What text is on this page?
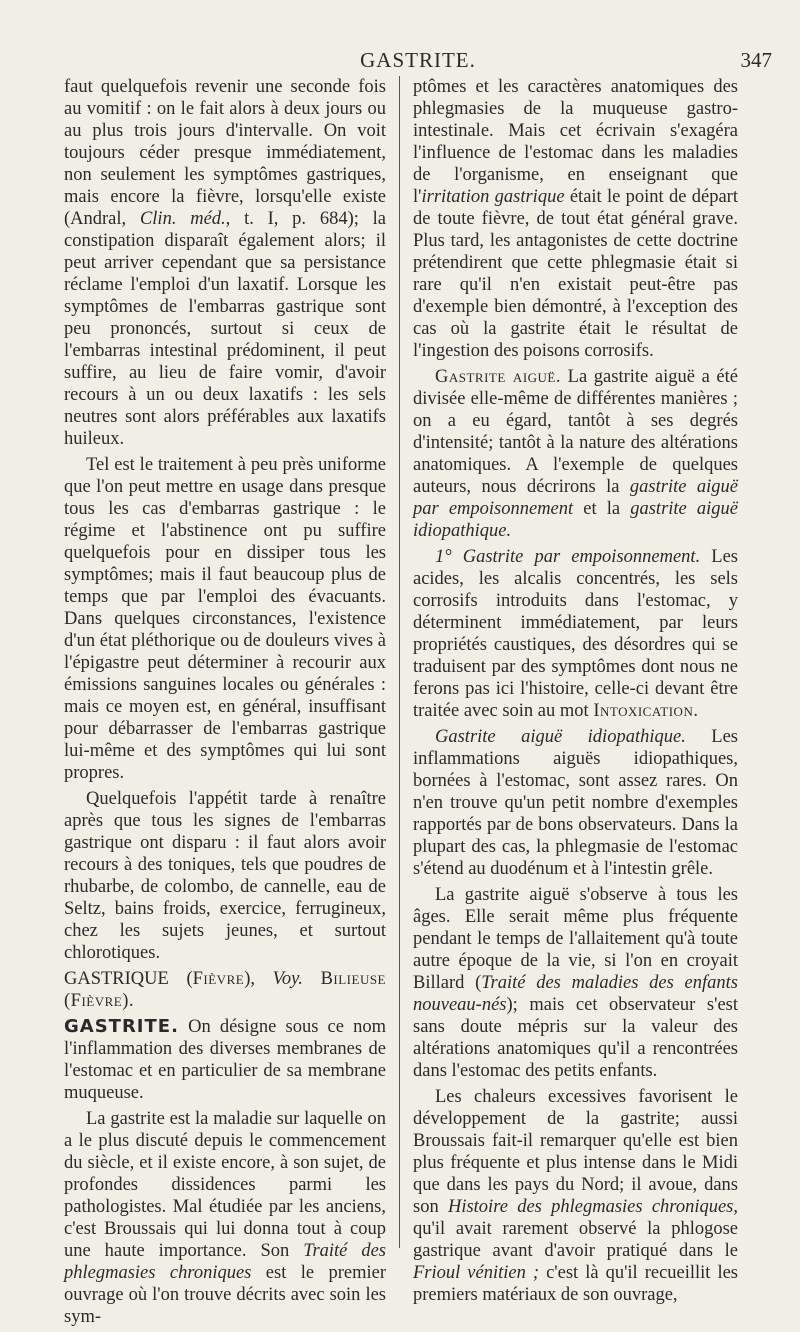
GASTRITE.	347

faut quelquefois revenir une seconde fois au vomitif : on le fait alors à deux jours ou au plus trois jours d'intervalle. On voit toujours céder presque immédiatement, non seulement les symptômes gastriques, mais encore la fièvre, lorsqu'elle existe (Andral, Clin. méd., t. I, p. 684); la constipation disparaît également alors; il peut arriver cependant que sa persistance réclame l'emploi d'un laxatif. Lorsque les symptômes de l'embarras gastrique sont peu prononcés, surtout si ceux de l'embarras intestinal prédominent, il peut suffire, au lieu de faire vomir, d'avoir recours à un ou deux laxatifs : les sels neutres sont alors préférables aux laxatifs huileux.

Tel est le traitement à peu près uniforme que l'on peut mettre en usage dans presque tous les cas d'embarras gastrique : le régime et l'abstinence ont pu suffire quelquefois pour en dissiper tous les symptômes; mais il faut beaucoup plus de temps que par l'emploi des évacuants. Dans quelques circonstances, l'existence d'un état pléthorique ou de douleurs vives à l'épigastre peut déterminer à recourir aux émissions sanguines locales ou générales : mais ce moyen est, en général, insuffisant pour débarrasser de l'embarras gastrique lui-même et des symptômes qui lui sont propres.

Quelquefois l'appétit tarde à renaître après que tous les signes de l'embarras gastrique ont disparu : il faut alors avoir recours à des toniques, tels que poudres de rhubarbe, de colombo, de cannelle, eau de Seltz, bains froids, exercice, ferrugineux, chez les sujets jeunes, et surtout chlorotiques.

GASTRIQUE (Fièvre), Voy. Bilieuse (Fièvre).

GASTRITE. On désigne sous ce nom l'inflammation des diverses membranes de l'estomac et en particulier de sa membrane muqueuse.

La gastrite est la maladie sur laquelle on a le plus discuté depuis le commencement du siècle, et il existe encore, à son sujet, de profondes dissidences parmi les pathologistes. Mal étudiée par les anciens, c'est Broussais qui lui donna tout à coup une haute importance. Son Traité des phlegmasies chroniques est le premier ouvrage où l'on trouve décrits avec soin les sym-

ptômes et les caractères anatomiques des phlegmasies de la muqueuse gastro-intestinale. Mais cet écrivain s'exagéra l'influence de l'estomac dans les maladies de l'organisme, en enseignant que l'irritation gastrique était le point de départ de toute fièvre, de tout état général grave. Plus tard, les antagonistes de cette doctrine prétendirent que cette phlegmasie était si rare qu'il n'en existait peut-être pas d'exemple bien démontré, à l'exception des cas où la gastrite était le résultat de l'ingestion des poisons corrosifs.

Gastrite aiguë. La gastrite aiguë a été divisée elle-même de différentes manières ; on a eu égard, tantôt à ses degrés d'intensité; tantôt à la nature des altérations anatomiques. A l'exemple de quelques auteurs, nous décrirons la gastrite aiguë par empoisonnement et la gastrite aiguë idiopathique.

1° Gastrite par empoisonnement. Les acides, les alcalis concentrés, les sels corrosifs introduits dans l'estomac, y déterminent immédiatement, par leurs propriétés caustiques, des désordres qui se traduisent par des symptômes dont nous ne ferons pas ici l'histoire, celle-ci devant être traitée avec soin au mot Intoxication.

Gastrite aiguë idiopathique. Les inflammations aiguës idiopathiques, bornées à l'estomac, sont assez rares. On n'en trouve qu'un petit nombre d'exemples rapportés par de bons observateurs. Dans la plupart des cas, la phlegmasie de l'estomac s'étend au duodénum et à l'intestin grêle.

La gastrite aiguë s'observe à tous les âges. Elle serait même plus fréquente pendant le temps de l'allaitement qu'à toute autre époque de la vie, si l'on en croyait Billard (Traité des maladies des enfants nouveau-nés); mais cet observateur s'est sans doute mépris sur la valeur des altérations anatomiques qu'il a rencontrées dans l'estomac des petits enfants.

Les chaleurs excessives favorisent le développement de la gastrite; aussi Broussais fait-il remarquer qu'elle est bien plus fréquente et plus intense dans le Midi que dans les pays du Nord; il avoue, dans son Histoire des phlegmasies chroniques, qu'il avait rarement observé la phlogose gastrique avant d'avoir pratiqué dans le Frioul vénitien ; c'est là qu'il recueillit les premiers matériaux de son ouvrage,
